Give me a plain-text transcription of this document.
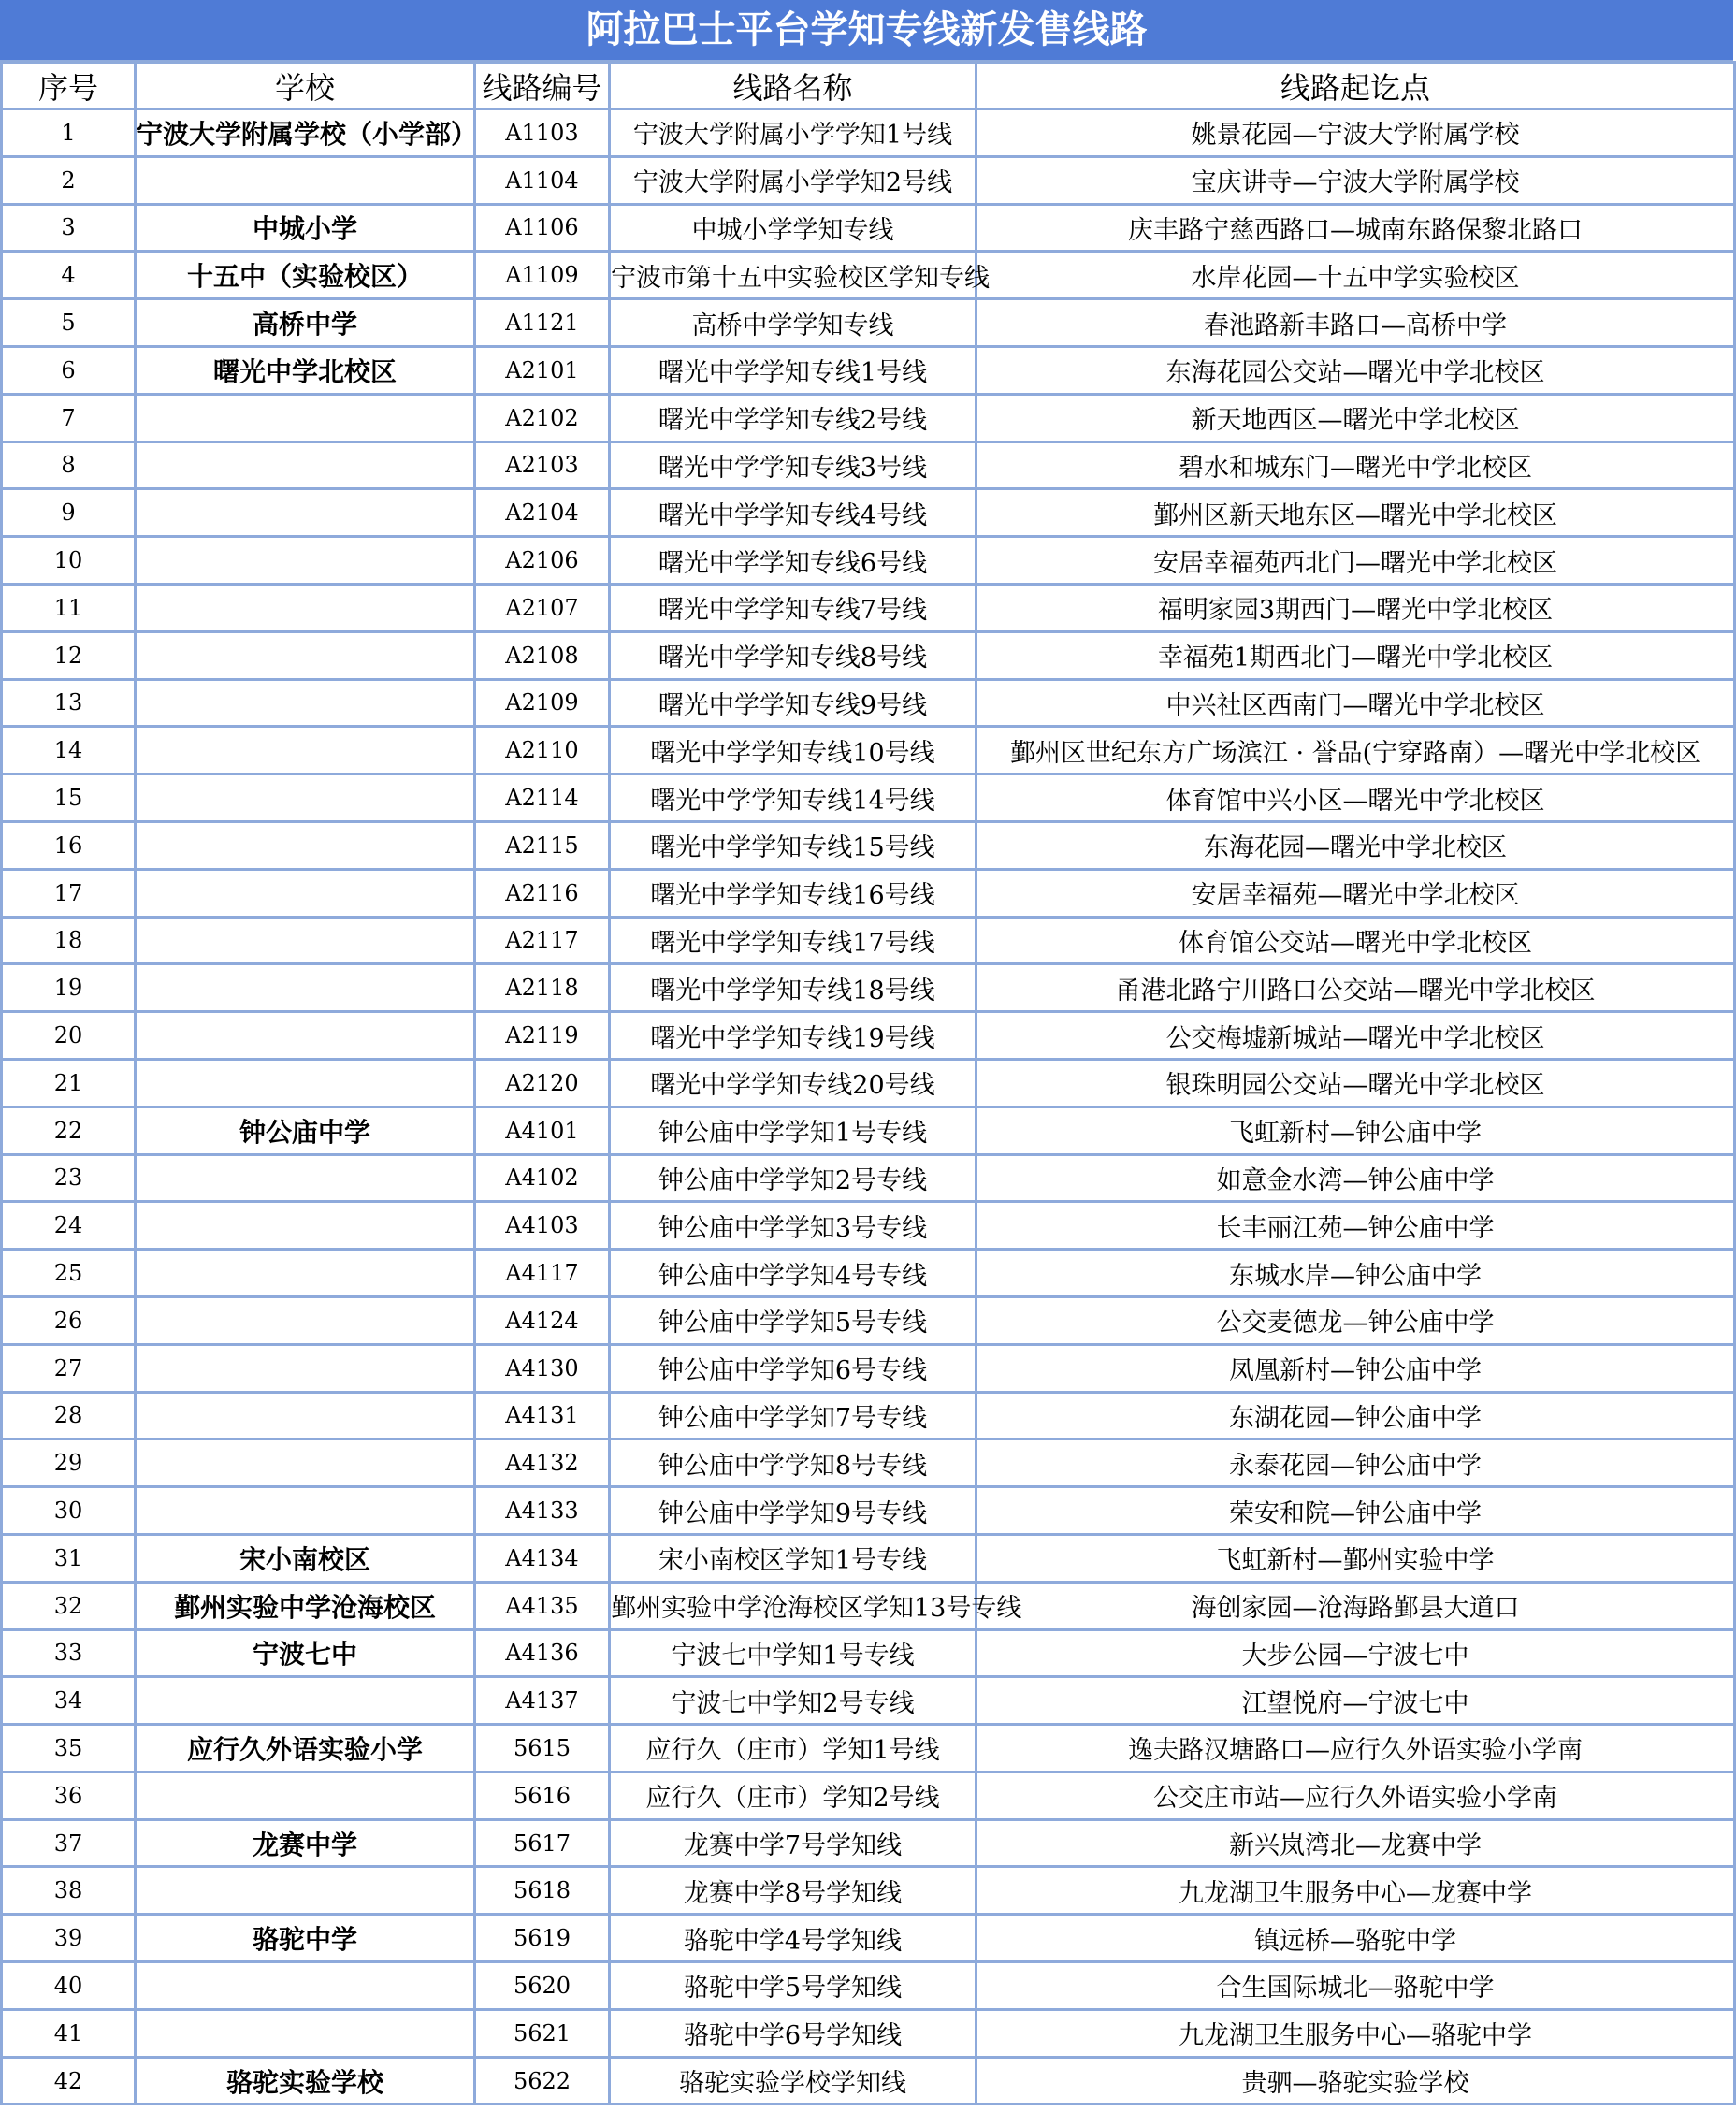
阿拉巴士平台学知专线新发售线路
序号	学校	线路编号	线路名称	线路起讫点
1	宁波大学附属学校（小学部）	A1103	宁波大学附属小学学知1号线	姚景花园—宁波大学附属学校
2		A1104	宁波大学附属小学学知2号线	宝庆讲寺—宁波大学附属学校
3	中城小学	A1106	中城小学学知专线	庆丰路宁慈西路口—城南东路保黎北路口
4	十五中（实验校区）	A1109	宁波市第十五中实验校区学知专线	水岸花园—十五中学实验校区
5	高桥中学	A1121	高桥中学学知专线	春池路新丰路口—高桥中学
6	曙光中学北校区	A2101	曙光中学学知专线1号线	东海花园公交站—曙光中学北校区
7		A2102	曙光中学学知专线2号线	新天地西区—曙光中学北校区
8		A2103	曙光中学学知专线3号线	碧水和城东门—曙光中学北校区
9		A2104	曙光中学学知专线4号线	鄞州区新天地东区—曙光中学北校区
10		A2106	曙光中学学知专线6号线	安居幸福苑西北门—曙光中学北校区
11		A2107	曙光中学学知专线7号线	福明家园3期西门—曙光中学北校区
12		A2108	曙光中学学知专线8号线	幸福苑1期西北门—曙光中学北校区
13		A2109	曙光中学学知专线9号线	中兴社区西南门—曙光中学北校区
14		A2110	曙光中学学知专线10号线	鄞州区世纪东方广场滨江 · 誉品(宁穿路南）—曙光中学北校区
15		A2114	曙光中学学知专线14号线	体育馆中兴小区—曙光中学北校区
16		A2115	曙光中学学知专线15号线	东海花园—曙光中学北校区
17		A2116	曙光中学学知专线16号线	安居幸福苑—曙光中学北校区
18		A2117	曙光中学学知专线17号线	体育馆公交站—曙光中学北校区
19		A2118	曙光中学学知专线18号线	甬港北路宁川路口公交站—曙光中学北校区
20		A2119	曙光中学学知专线19号线	公交梅墟新城站—曙光中学北校区
21		A2120	曙光中学学知专线20号线	银珠明园公交站—曙光中学北校区
22	钟公庙中学	A4101	钟公庙中学学知1号专线	飞虹新村—钟公庙中学
23		A4102	钟公庙中学学知2号专线	如意金水湾—钟公庙中学
24		A4103	钟公庙中学学知3号专线	长丰丽江苑—钟公庙中学
25		A4117	钟公庙中学学知4号专线	东城水岸—钟公庙中学
26		A4124	钟公庙中学学知5号专线	公交麦德龙—钟公庙中学
27		A4130	钟公庙中学学知6号专线	凤凰新村—钟公庙中学
28		A4131	钟公庙中学学知7号专线	东湖花园—钟公庙中学
29		A4132	钟公庙中学学知8号专线	永泰花园—钟公庙中学
30		A4133	钟公庙中学学知9号专线	荣安和院—钟公庙中学
31	宋小南校区	A4134	宋小南校区学知1号专线	飞虹新村—鄞州实验中学
32	鄞州实验中学沧海校区	A4135	鄞州实验中学沧海校区学知13号专线	海创家园—沧海路鄞县大道口
33	宁波七中	A4136	宁波七中学知1号专线	大步公园—宁波七中
34		A4137	宁波七中学知2号专线	江望悦府—宁波七中
35	应行久外语实验小学	5615	应行久（庄市）学知1号线	逸夫路汉塘路口—应行久外语实验小学南
36		5616	应行久（庄市）学知2号线	公交庄市站—应行久外语实验小学南
37	龙赛中学	5617	龙赛中学7号学知线	新兴岚湾北—龙赛中学
38		5618	龙赛中学8号学知线	九龙湖卫生服务中心—龙赛中学
39	骆驼中学	5619	骆驼中学4号学知线	镇远桥—骆驼中学
40		5620	骆驼中学5号学知线	合生国际城北—骆驼中学
41		5621	骆驼中学6号学知线	九龙湖卫生服务中心—骆驼中学
42	骆驼实验学校	5622	骆驼实验学校学知线	贵驷—骆驼实验学校
